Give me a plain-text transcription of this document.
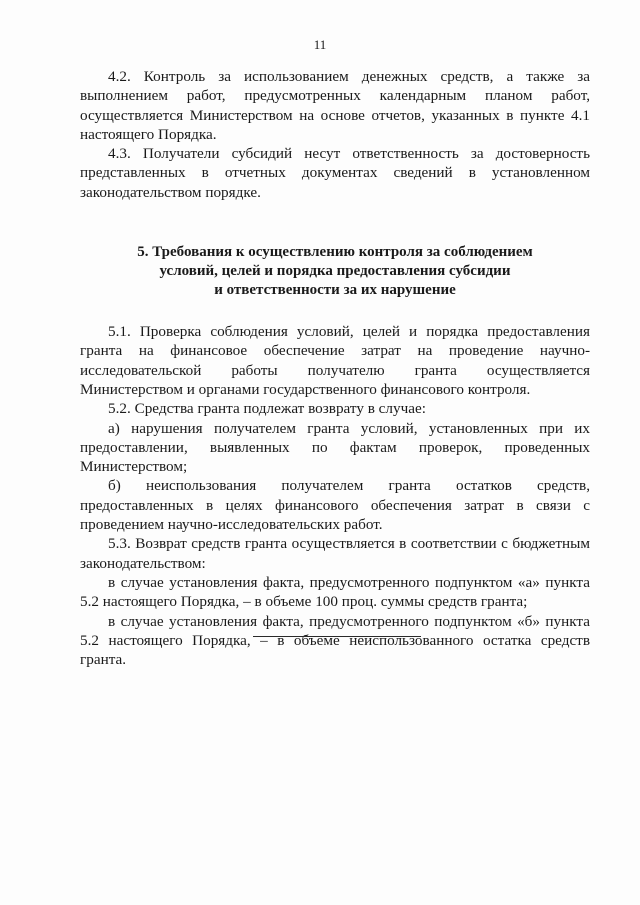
11

4.2. Контроль за использованием денежных средств, а также за выполнением работ, предусмотренных календарным планом работ, осуществляется Министерством на основе отчетов, указанных в пункте 4.1 настоящего Порядка.

4.3. Получатели субсидий несут ответственность за достоверность представленных в отчетных документах сведений в установленном законодательством порядке.

5. Требования к осуществлению контроля за соблюдением
условий, целей и порядка предоставления субсидии
и ответственности за их нарушение

5.1. Проверка соблюдения условий, целей и порядка предоставления гранта на финансовое обеспечение затрат на проведение научно-исследовательской работы получателю гранта осуществляется Министерством и органами государственного финансового контроля.

5.2. Средства гранта подлежат возврату в случае:

а) нарушения получателем гранта условий, установленных при их предоставлении, выявленных по фактам проверок, проведенных Министерством;

б) неиспользования получателем гранта остатков средств, предоставленных в целях финансового обеспечения затрат в связи с проведением научно-исследовательских работ.

5.3. Возврат средств гранта осуществляется в соответствии с бюджетным законодательством:

в случае установления факта, предусмотренного подпунктом «а» пункта 5.2 настоящего Порядка, – в объеме 100 проц. суммы средств гранта;

в случае установления факта, предусмотренного подпунктом «б» пункта 5.2 настоящего Порядка, – в объеме неиспользованного остатка средств гранта.
